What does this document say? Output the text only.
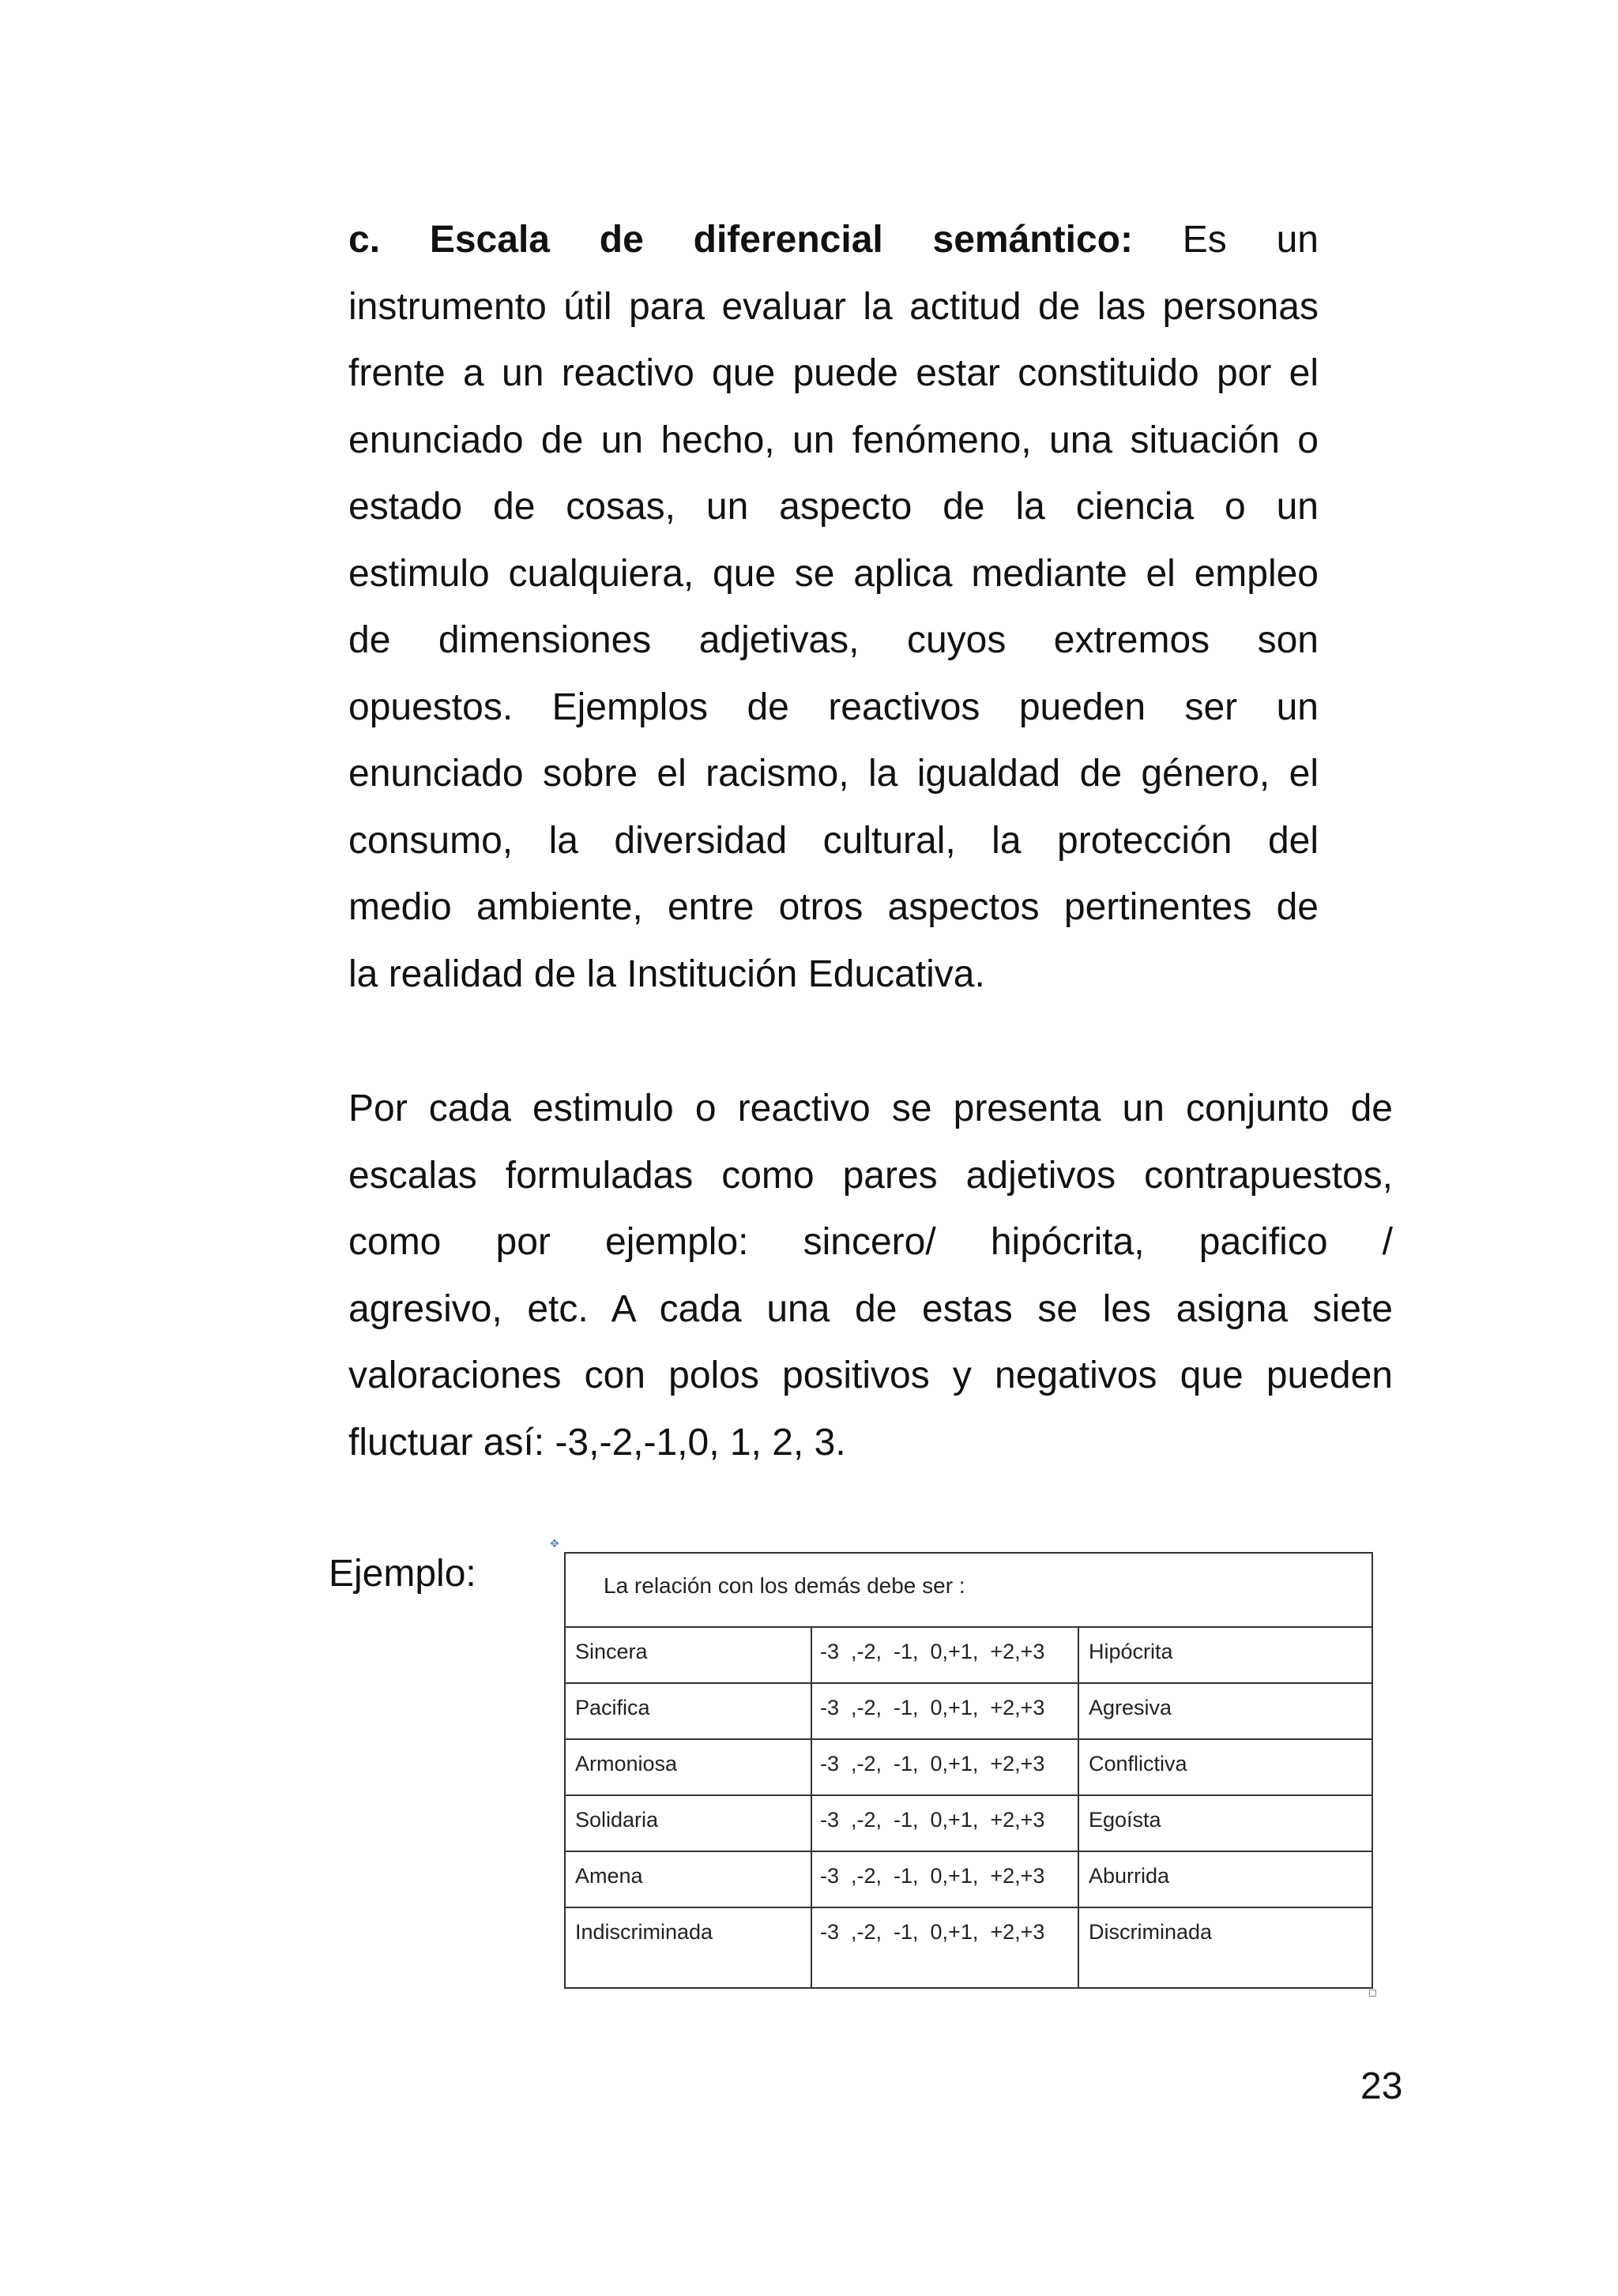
c. Escala de diferencial semántico: Es un
instrumento útil para evaluar la actitud de las personas
frente a un reactivo que puede estar constituido por el
enunciado de un hecho, un fenómeno, una situación o
estado de cosas, un aspecto de la ciencia o un
estimulo cualquiera, que se aplica mediante el empleo
de dimensiones adjetivas, cuyos extremos son
opuestos. Ejemplos de reactivos pueden ser un
enunciado sobre el racismo, la igualdad de género, el
consumo, la diversidad cultural, la protección del
medio ambiente, entre otros aspectos pertinentes de
la realidad de la Institución Educativa.
Por cada estimulo o reactivo se presenta un conjunto de
escalas formuladas como pares adjetivos contrapuestos,
como por ejemplo: sincero/ hipócrita, pacifico /
agresivo, etc. A cada una de estas se les asigna siete
valoraciones con polos positivos y negativos que pueden
fluctuar así: -3,-2,-1,0, 1, 2, 3.
Ejemplo:
✥
La relación con los demás debe ser :
Sincera	-3  ,-2,  -1,  0,+1,  +2,+3 Hipócrita
Pacifica	-3  ,-2,  -1,  0,+1,  +2,+3 Agresiva
Armoniosa	-3  ,-2,  -1,  0,+1,  +2,+3 Conflictiva
Solidaria	-3  ,-2,  -1,  0,+1,  +2,+3 Egoísta
Amena	-3  ,-2,  -1,  0,+1,  +2,+3 Aburrida
Indiscriminada	-3  ,-2,  -1,  0,+1,  +2,+3 Discriminada
23
